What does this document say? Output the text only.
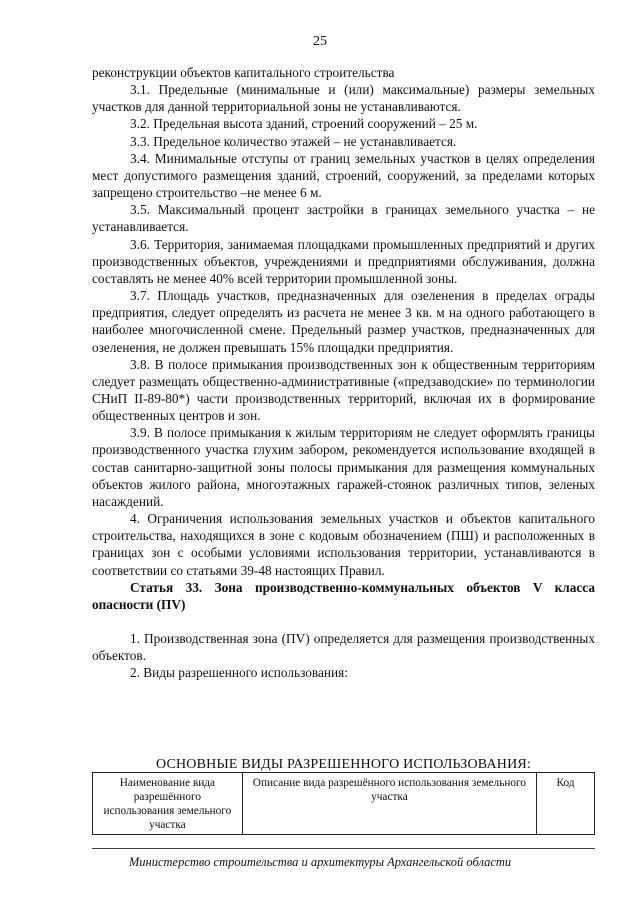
25

реконструкции объектов капитального строительства

3.1. Предельные (минимальные и (или) максимальные) размеры земельных участков для данной территориальной зоны не устанавливаются.

3.2. Предельная высота зданий, строений сооружений – 25 м.

3.3. Предельное количество этажей – не устанавливается.

3.4. Минимальные отступы от границ земельных участков в целях определения мест допустимого размещения зданий, строений, сооружений, за пределами которых запрещено строительство –не менее 6 м.

3.5. Максимальный процент застройки в границах земельного участка – не устанавливается.

3.6. Территория, занимаемая площадками промышленных предприятий и других производственных объектов, учреждениями и предприятиями обслуживания, должна составлять не менее 40% всей территории промышленной зоны.

3.7. Площадь участков, предназначенных для озеленения в пределах ограды предприятия, следует определять из расчета не менее 3 кв. м на одного работающего в наиболее многочисленной смене. Предельный размер участков, предназначенных для озеленения, не должен превышать 15% площадки предприятия.

3.8. В полосе примыкания производственных зон к общественным территориям следует размещать общественно-административные («предзаводские» по терминологии СНиП II-89-80*) части производственных территорий, включая их в формирование общественных центров и зон.

3.9. В полосе примыкания к жилым территориям не следует оформлять границы производственного участка глухим забором, рекомендуется использование входящей в состав санитарно-защитной зоны полосы примыкания для размещения коммунальных объектов жилого района, многоэтажных гаражей-стоянок различных типов, зеленых насаждений.

4. Ограничения использования земельных участков и объектов капитального строительства, находящихся в зоне с кодовым обозначением (ПШ) и расположенных в границах зон с особыми условиями использования территории, устанавливаются в соответствии со статьями 39-48 настоящих Правил.

Статья 33. Зона производственно-коммунальных объектов V класса опасности (ПV)

1. Производственная зона (ПV) определяется для размещения производственных объектов.

2. Виды разрешенного использования:

ОСНОВНЫЕ ВИДЫ РАЗРЕШЕННОГО ИСПОЛЬЗОВАНИЯ:
Наименование вида разрешённого использования земельного участка	Описание вида разрешённого использования земельного участка	Код
Министерство строительства и архитектуры Архангельской области
